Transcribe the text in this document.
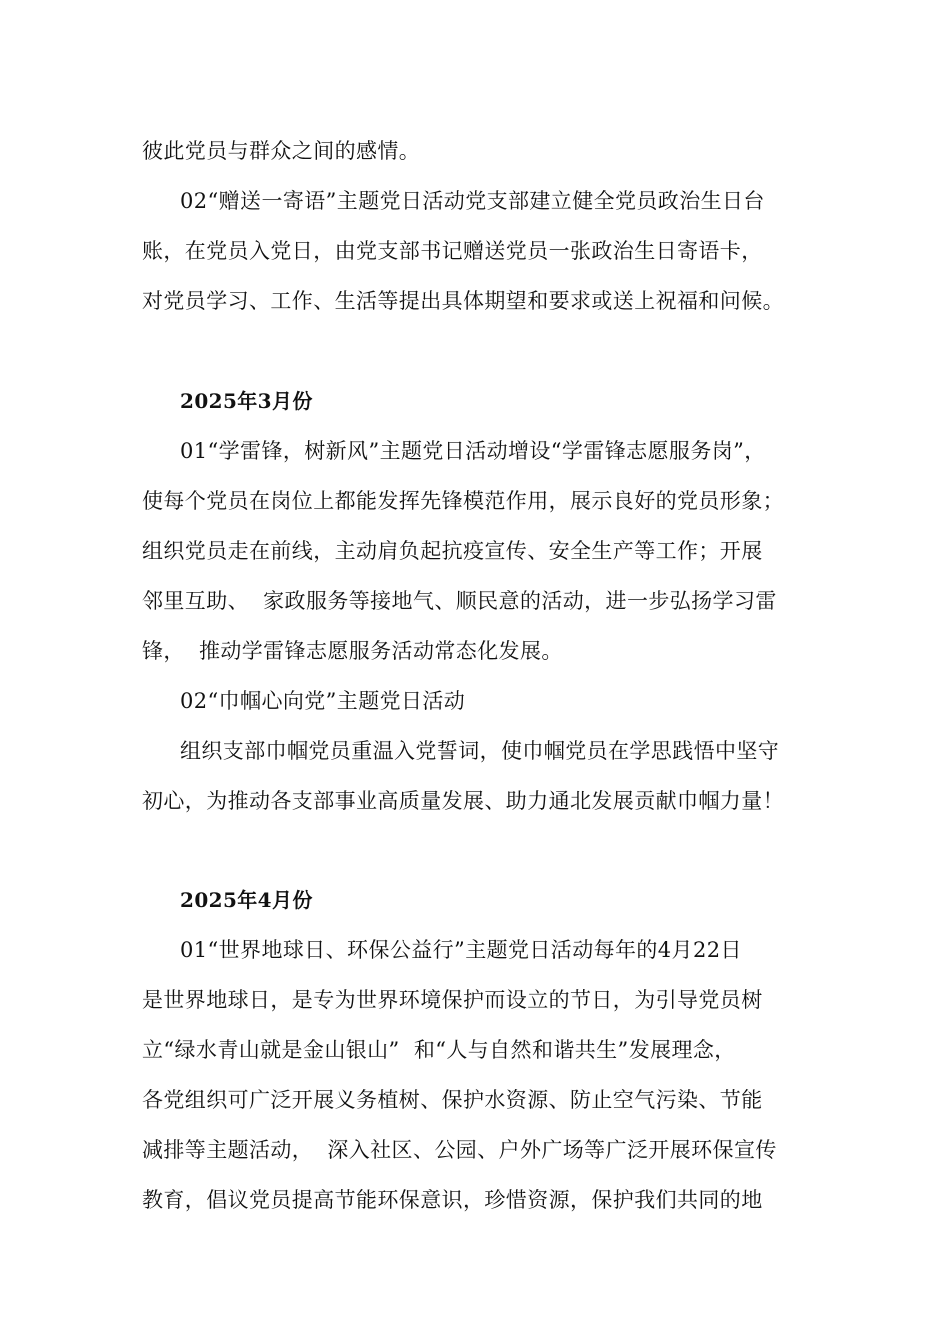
彼此党员与群众之间的感情。
02“赠送一寄语”主题党日活动党支部建立健全党员政治生日台
账，在党员入党日，由党支部书记赠送党员一张政治生日寄语卡，
对党员学习、工作、生活等提出具体期望和要求或送上祝福和问候。
2025年3月份
01“学雷锋，树新风”主题党日活动增设“学雷锋志愿服务岗”，
使每个党员在岗位上都能发挥先锋模范作用，展示良好的党员形象；
组织党员走在前线，主动肩负起抗疫宣传、安全生产等工作；开展
邻里互助、  家政服务等接地气、顺民意的活动，进一步弘扬学习雷
锋，  推动学雷锋志愿服务活动常态化发展。
02“巾帼心向党”主题党日活动
组织支部巾帼党员重温入党誓词，使巾帼党员在学思践悟中坚守
初心，为推动各支部事业高质量发展、助力通北发展贡献巾帼力量！
2025年4月份
01“世界地球日、环保公益行”主题党日活动每年的4月22日
是世界地球日，是专为世界环境保护而设立的节日，为引导党员树
立“绿水青山就是金山银山”  和“人与自然和谐共生”发展理念，
各党组织可广泛开展义务植树、保护水资源、防止空气污染、节能
减排等主题活动，  深入社区、公园、户外广场等广泛开展环保宣传
教育，倡议党员提高节能环保意识，珍惜资源，保护我们共同的地
